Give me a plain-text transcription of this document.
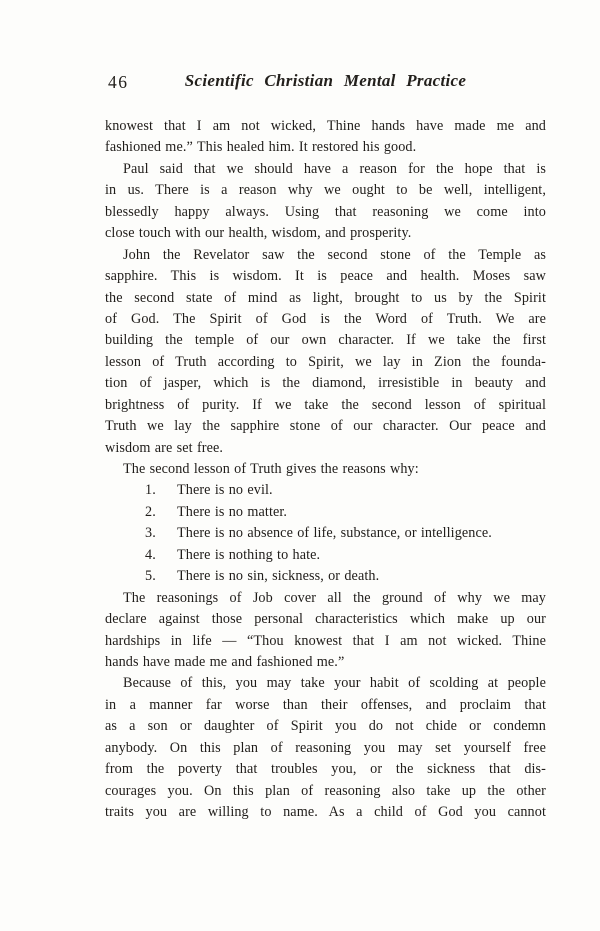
46	Scientific Christian Mental Practice
knowest that I am not wicked, Thine hands have made me and
fashioned me.” This healed him. It restored his good.
Paul said that we should have a reason for the hope that is
in us. There is a reason why we ought to be well, intelligent,
blessedly happy always. Using that reasoning we come into
close touch with our health, wisdom, and prosperity.
John the Revelator saw the second stone of the Temple as
sapphire. This is wisdom. It is peace and health. Moses saw
the second state of mind as light, brought to us by the Spirit
of God. The Spirit of God is the Word of Truth. We are
building the temple of our own character. If we take the first
lesson of Truth according to Spirit, we lay in Zion the founda-
tion of jasper, which is the diamond, irresistible in beauty and
brightness of purity. If we take the second lesson of spiritual
Truth we lay the sapphire stone of our character. Our peace and
wisdom are set free.
The second lesson of Truth gives the reasons why:
1. There is no evil.
2. There is no matter.
3. There is no absence of life, substance, or intelligence.
4. There is nothing to hate.
5. There is no sin, sickness, or death.
The reasonings of Job cover all the ground of why we may
declare against those personal characteristics which make up our
hardships in life — “Thou knowest that I am not wicked. Thine
hands have made me and fashioned me.”
Because of this, you may take your habit of scolding at people
in a manner far worse than their offenses, and proclaim that
as a son or daughter of Spirit you do not chide or condemn
anybody. On this plan of reasoning you may set yourself free
from the poverty that troubles you, or the sickness that dis-
courages you. On this plan of reasoning also take up the other
traits you are willing to name. As a child of God you cannot
